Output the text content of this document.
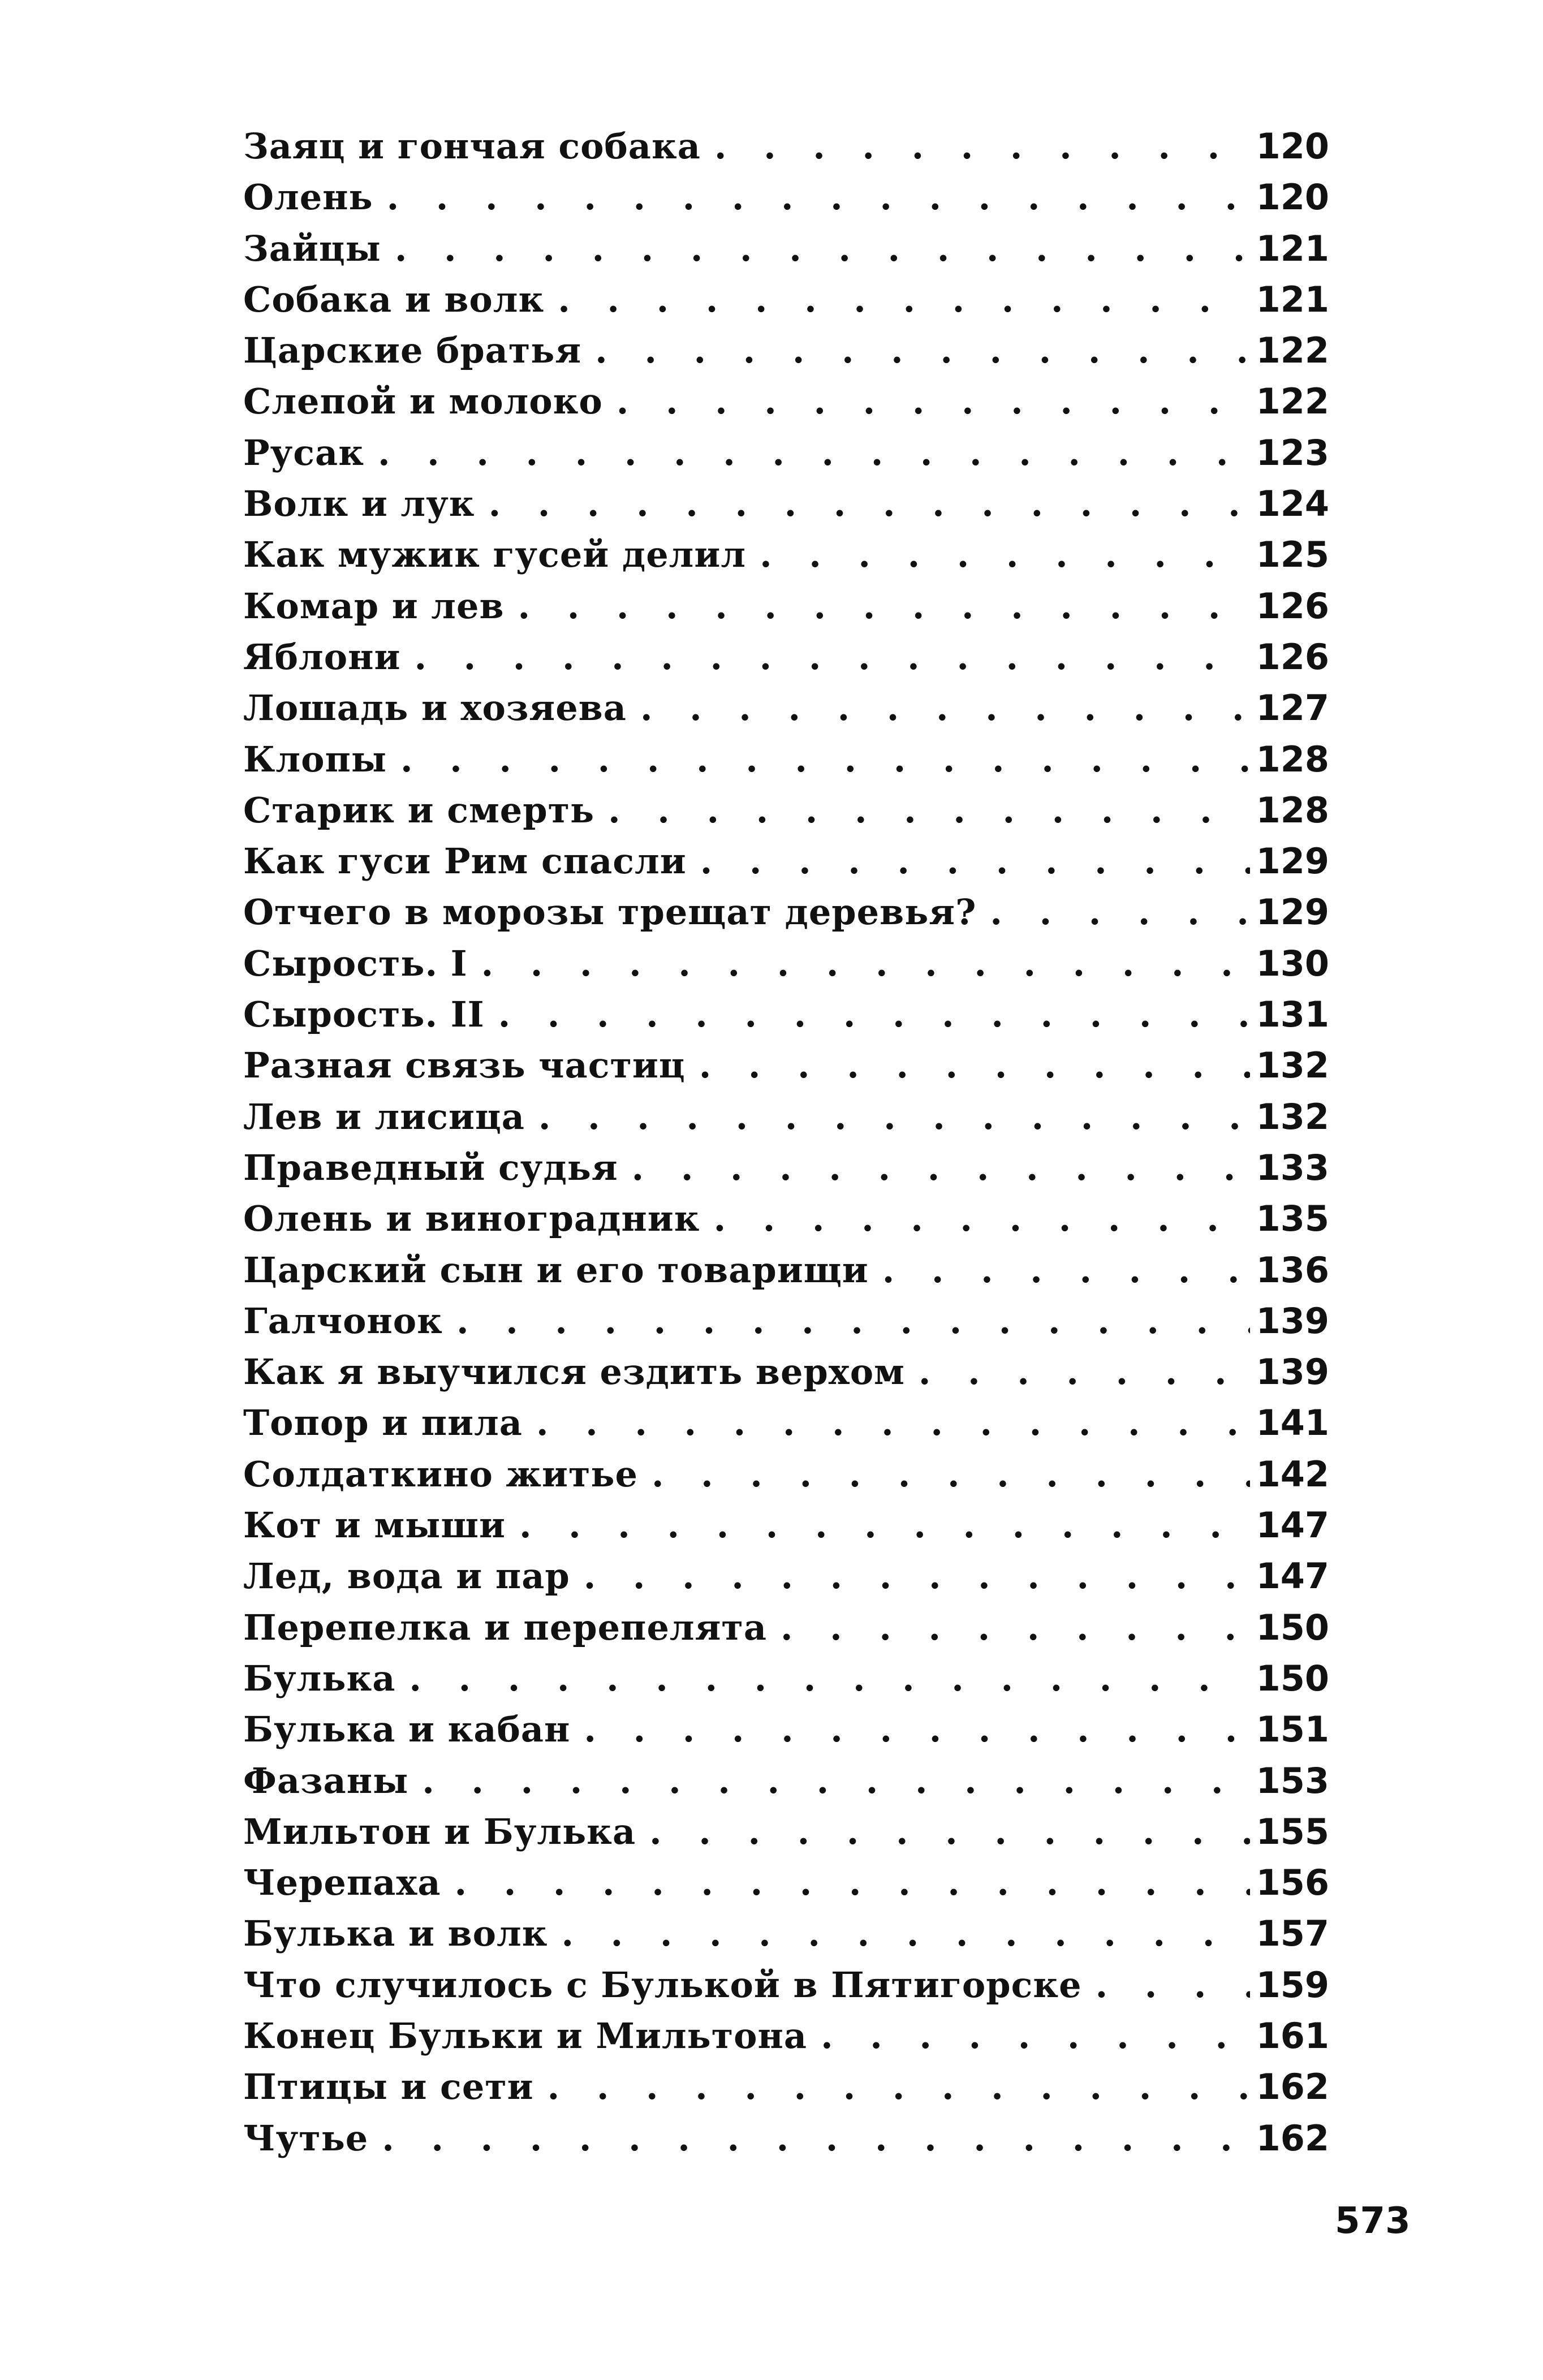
Заяц и гончая собака . . .	120
Олень . . .	120
Зайцы . . .	121
Собака и волк . . .	121
Царские братья . . .	122
Слепой и молоко . . .	122
Русак . . .	123
Волк и лук . . .	124
Как мужик гусей делил . . .	125
Комар и лев . . .	126
Яблони . . .	126
Лошадь и хозяева . . .	127
Клопы . . .	128
Старик и смерть . . .	128
Как гуси Рим спасли . . .	129
Отчего в морозы трещат деревья? . . .	129
Сырость. I . . .	130
Сырость. II . . .	131
Разная связь частиц . . .	132
Лев и лисица . . .	132
Праведный судья . . .	133
Олень и виноградник . . .	135
Царский сын и его товарищи . . .	136
Галчонок . . .	139
Как я выучился ездить верхом . . .	139
Топор и пила . . .	141
Солдаткино житье . . .	142
Кот и мыши . . .	147
Лед, вода и пар . . .	147
Перепелка и перепелята . . .	150
Булька . . .	150
Булька и кабан . . .	151
Фазаны . . .	153
Мильтон и Булька . . .	155
Черепаха . . .	156
Булька и волк . . .	157
Что случилось с Булькой в Пятигорске . . .	159
Конец Бульки и Мильтона . . .	161
Птицы и сети . . .	162
Чутье . . .	162
573
